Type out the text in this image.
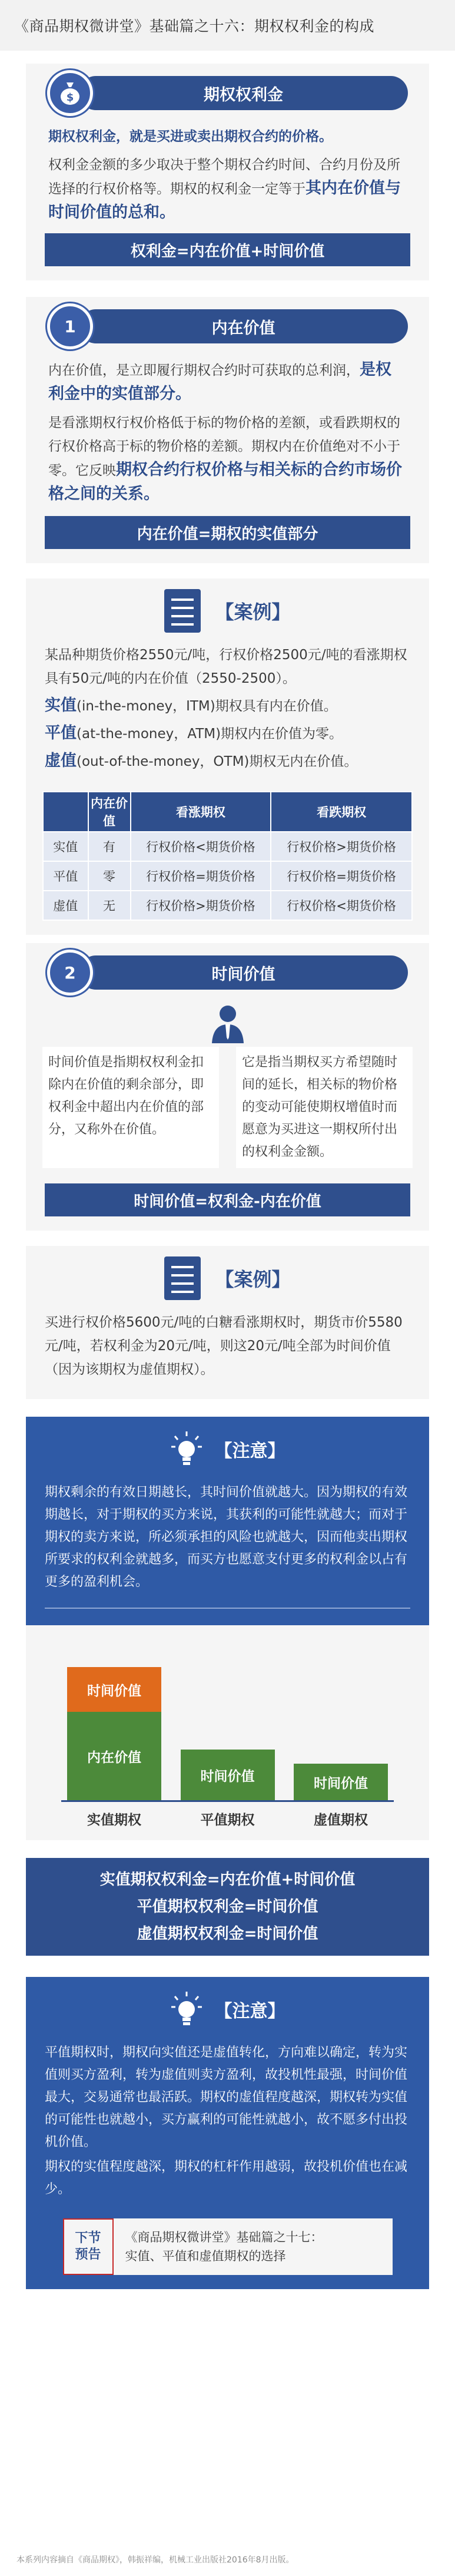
《商品期权微讲堂》基础篇之十六：期权权利金的构成
$	期权权利金

期权权利金，就是买进或卖出期权合约的价格。

权利金金额的多少取决于整个期权合约时间、合约月份及所选择的行权价格等。期权的权利金一定等于其内在价值与时间价值的总和。

权利金=内在价值+时间价值
1	内在价值

内在价值，是立即履行期权合约时可获取的总利润，是权利金中的实值部分。

是看涨期权行权价格低于标的物价格的差额，或看跌期权的行权价格高于标的物价格的差额。期权内在价值绝对不小于零。它反映期权合约行权价格与相关标的合约市场价格之间的关系。

内在价值=期权的实值部分
【案例】

某品种期货价格2550元/吨，行权价格2500元/吨的看涨期权具有50元/吨的内在价值（2550-2500）。

实值(in-the-money，ITM)期权具有内在价值。

平值(at-the-money，ATM)期权内在价值为零。

虚值(out-of-the-money，OTM)期权无内在价值。

	内在价值	看涨期权	看跌期权
实值	有	行权价格<期货价格	行权价格>期货价格
平值	零	行权价格=期货价格	行权价格=期货价格
虚值	无	行权价格>期货价格	行权价格<期货价格
2	时间价值
时间价值是指期权权利金扣除内在价值的剩余部分，即权利金中超出内在价值的部分，又称外在价值。
它是指当期权买方希望随时间的延长，相关标的物价格的变动可能使期权增值时而愿意为买进这一期权所付出的权利金金额。
时间价值=权利金-内在价值
【案例】
买进行权价格5600元/吨的白糖看涨期权时，期货市价5580元/吨，若权利金为20元/吨，则这20元/吨全部为时间价值（因为该期权为虚值期权）。
【注意】
期权剩余的有效日期越长，其时间价值就越大。因为期权的有效期越长，对于期权的买方来说，其获利的可能性就越大；而对于期权的卖方来说，所必须承担的风险也就越大，因而他卖出期权所要求的权利金就越多，而买方也愿意支付更多的权利金以占有更多的盈利机会。
时间价值
内在价值
时间价值	时间价值
实值期权	平值期权	虚值期权
实值期权权利金=内在价值+时间价值
平值期权权利金=时间价值
虚值期权权利金=时间价值
【注意】
平值期权时，期权向实值还是虚值转化，方向难以确定，转为实值则买方盈利，转为虚值则卖方盈利，故投机性最强，时间价值最大，交易通常也最活跃。期权的虚值程度越深，期权转为实值的可能性也就越小，买方赢利的可能性就越小，故不愿多付出投机价值。
期权的实值程度越深，期权的杠杆作用越弱，故投机价值也在减少。
下节
预告
《商品期权微讲堂》基础篇之十七：
实值、平值和虚值期权的选择
本系列内容摘自《商品期权》，韩振祥编，机械工业出版社2016年8月出版。
